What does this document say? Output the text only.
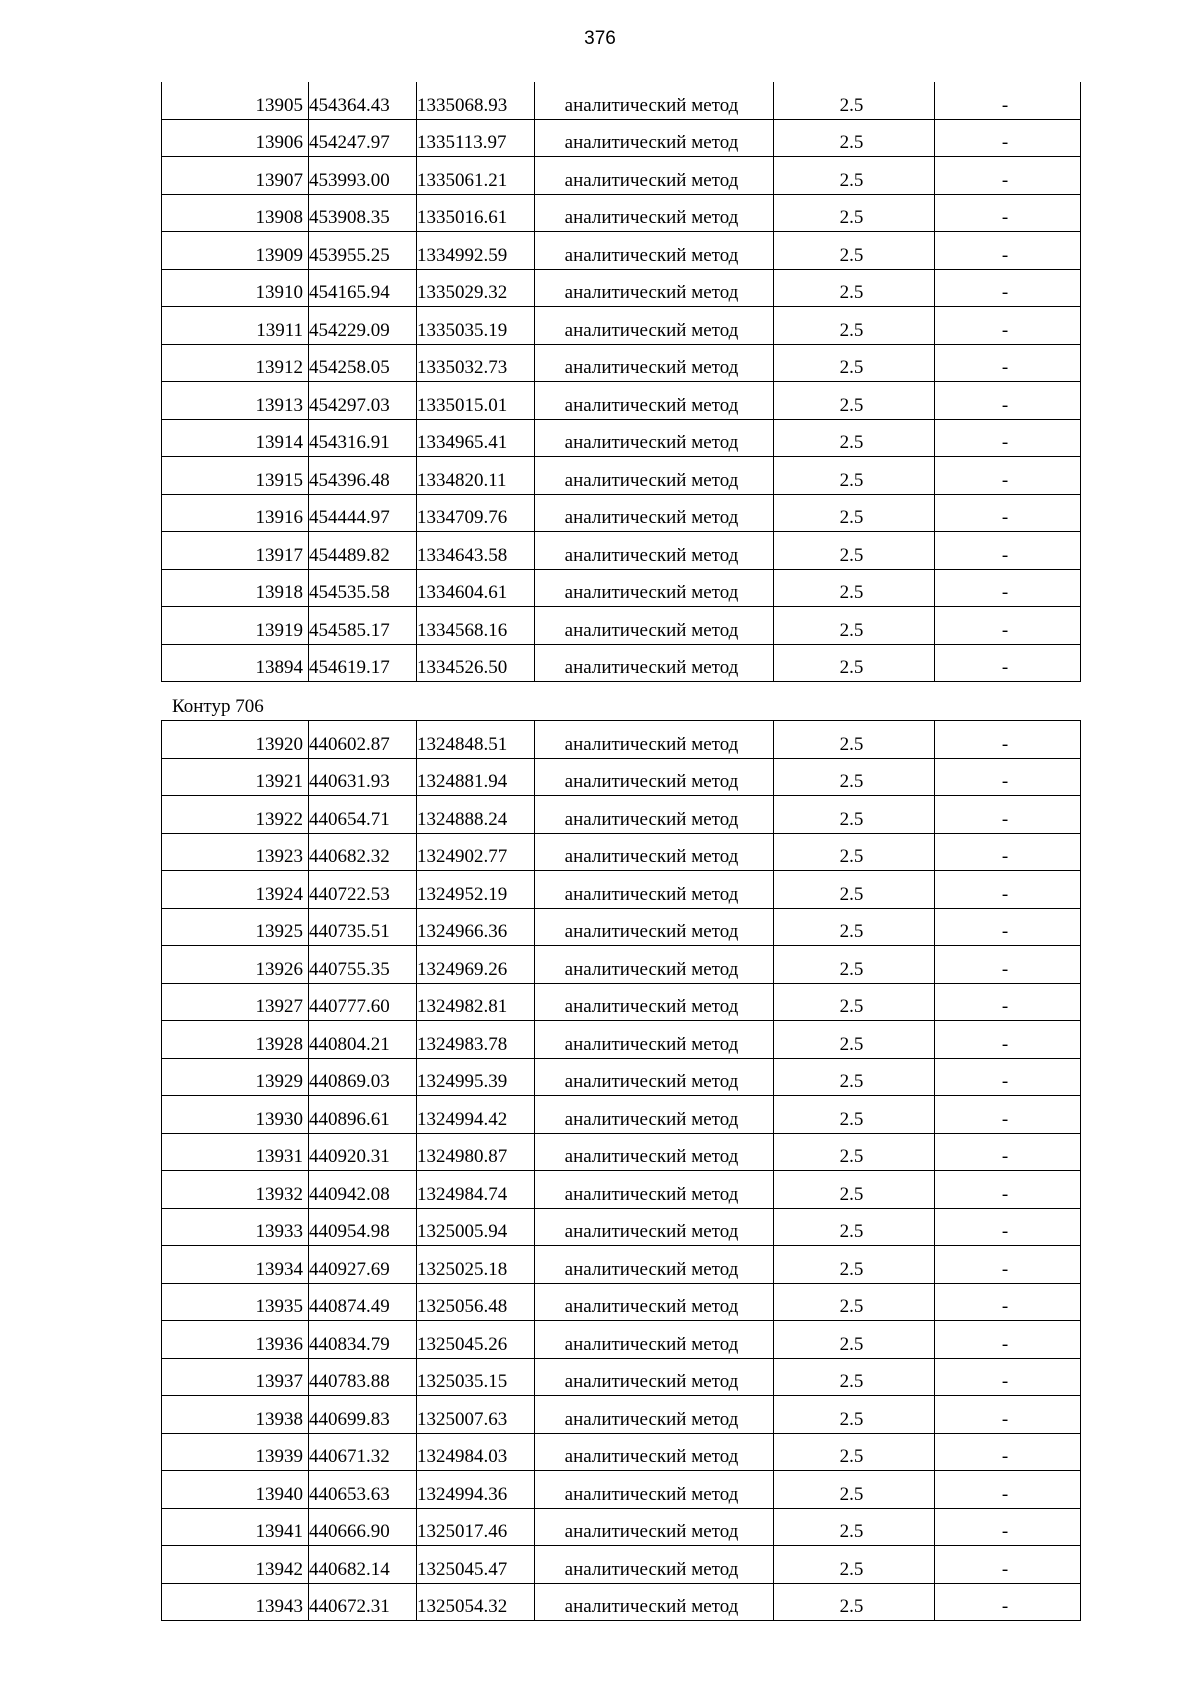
376
13905	454364.43	1335068.93	аналитический метод	2.5	-
13906	454247.97	1335113.97	аналитический метод	2.5	-
13907	453993.00	1335061.21	аналитический метод	2.5	-
13908	453908.35	1335016.61	аналитический метод	2.5	-
13909	453955.25	1334992.59	аналитический метод	2.5	-
13910	454165.94	1335029.32	аналитический метод	2.5	-
13911	454229.09	1335035.19	аналитический метод	2.5	-
13912	454258.05	1335032.73	аналитический метод	2.5	-
13913	454297.03	1335015.01	аналитический метод	2.5	-
13914	454316.91	1334965.41	аналитический метод	2.5	-
13915	454396.48	1334820.11	аналитический метод	2.5	-
13916	454444.97	1334709.76	аналитический метод	2.5	-
13917	454489.82	1334643.58	аналитический метод	2.5	-
13918	454535.58	1334604.61	аналитический метод	2.5	-
13919	454585.17	1334568.16	аналитический метод	2.5	-
13894	454619.17	1334526.50	аналитический метод	2.5	-
Контур 706
13920	440602.87	1324848.51	аналитический метод	2.5	-
13921	440631.93	1324881.94	аналитический метод	2.5	-
13922	440654.71	1324888.24	аналитический метод	2.5	-
13923	440682.32	1324902.77	аналитический метод	2.5	-
13924	440722.53	1324952.19	аналитический метод	2.5	-
13925	440735.51	1324966.36	аналитический метод	2.5	-
13926	440755.35	1324969.26	аналитический метод	2.5	-
13927	440777.60	1324982.81	аналитический метод	2.5	-
13928	440804.21	1324983.78	аналитический метод	2.5	-
13929	440869.03	1324995.39	аналитический метод	2.5	-
13930	440896.61	1324994.42	аналитический метод	2.5	-
13931	440920.31	1324980.87	аналитический метод	2.5	-
13932	440942.08	1324984.74	аналитический метод	2.5	-
13933	440954.98	1325005.94	аналитический метод	2.5	-
13934	440927.69	1325025.18	аналитический метод	2.5	-
13935	440874.49	1325056.48	аналитический метод	2.5	-
13936	440834.79	1325045.26	аналитический метод	2.5	-
13937	440783.88	1325035.15	аналитический метод	2.5	-
13938	440699.83	1325007.63	аналитический метод	2.5	-
13939	440671.32	1324984.03	аналитический метод	2.5	-
13940	440653.63	1324994.36	аналитический метод	2.5	-
13941	440666.90	1325017.46	аналитический метод	2.5	-
13942	440682.14	1325045.47	аналитический метод	2.5	-
13943	440672.31	1325054.32	аналитический метод	2.5	-
